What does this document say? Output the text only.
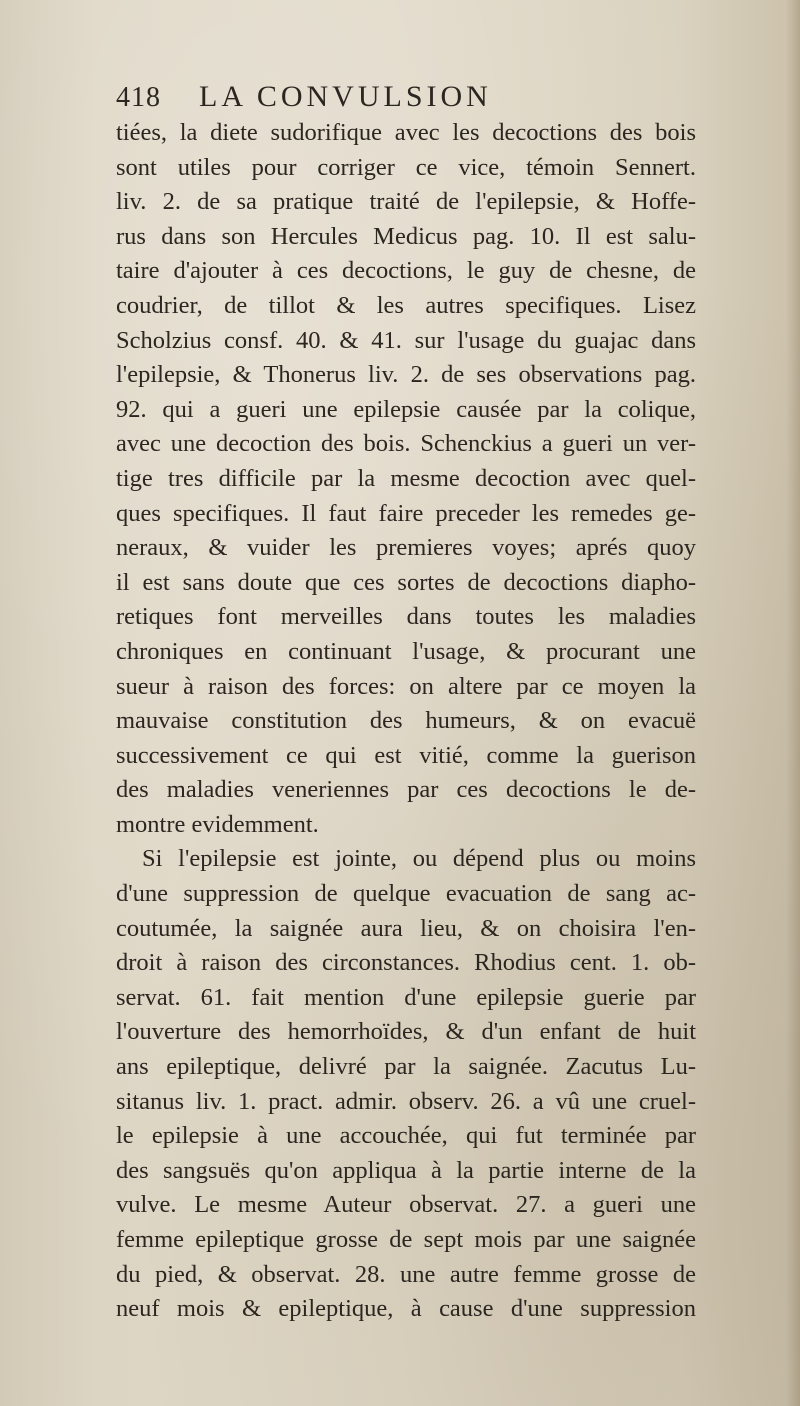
418 LA CONVULSION
tiées, la diete sudorifique avec les decoctions des bois
sont utiles pour corriger ce vice, témoin Sennert.
liv. 2. de sa pratique traité de l'epilepsie, & Hoffe-
rus dans son Hercules Medicus pag. 10. Il est salu-
taire d'ajouter à ces decoctions, le guy de chesne, de
coudrier, de tillot & les autres specifiques. Lisez
Scholzius consf. 40. & 41. sur l'usage du guajac dans
l'epilepsie, & Thonerus liv. 2. de ses observations pag.
92. qui a gueri une epilepsie causée par la colique,
avec une decoction des bois. Schenckius a gueri un ver-
tige tres difficile par la mesme decoction avec quel-
ques specifiques. Il faut faire preceder les remedes ge-
neraux, & vuider les premieres voyes; aprés quoy
il est sans doute que ces sortes de decoctions diapho-
retiques font merveilles dans toutes les maladies
chroniques en continuant l'usage, & procurant une
sueur à raison des forces: on altere par ce moyen la
mauvaise constitution des humeurs, & on evacuë
successivement ce qui est vitié, comme la guerison
des maladies veneriennes par ces decoctions le de-
montre evidemment.
Si l'epilepsie est jointe, ou dépend plus ou moins
d'une suppression de quelque evacuation de sang ac-
coutumée, la saignée aura lieu, & on choisira l'en-
droit à raison des circonstances. Rhodius cent. 1. ob-
servat. 61. fait mention d'une epilepsie guerie par
l'ouverture des hemorrhoïdes, & d'un enfant de huit
ans epileptique, delivré par la saignée. Zacutus Lu-
sitanus liv. 1. pract. admir. observ. 26. a vû une cruel-
le epilepsie à une accouchée, qui fut terminée par
des sangsuës qu'on appliqua à la partie interne de la
vulve. Le mesme Auteur observat. 27. a gueri une
femme epileptique grosse de sept mois par une saignée
du pied, & observat. 28. une autre femme grosse de
neuf mois & epileptique, à cause d'une suppression
